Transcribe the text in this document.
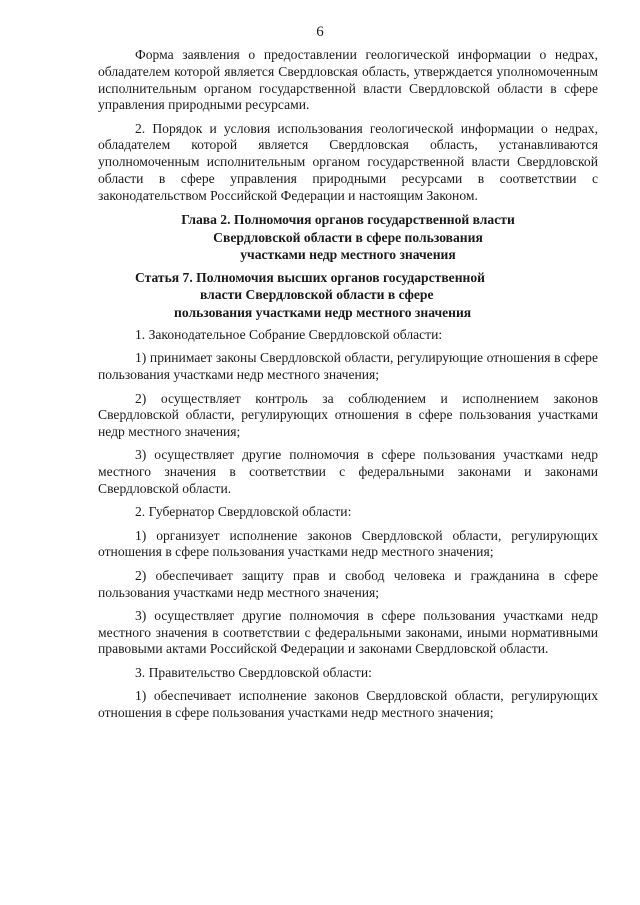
6

Форма заявления о предоставлении геологической информации о недрах, обладателем которой является Свердловская область, утверждается уполномоченным исполнительным органом государственной власти Свердловской области в сфере управления природными ресурсами.

2. Порядок и условия использования геологической информации о недрах, обладателем которой является Свердловская область, устанавливаются уполномоченным исполнительным органом государственной власти Свердловской области в сфере управления природными ресурсами в соответствии с законодательством Российской Федерации и настоящим Законом.

Глава 2. Полномочия органов государственной власти
Свердловской области в сфере пользования
участками недр местного значения
Статья 7. Полномочия высших органов государственной
власти Свердловской области в сфере
пользования участками недр местного значения

1. Законодательное Собрание Свердловской области:

1) принимает законы Свердловской области, регулирующие отношения в сфере пользования участками недр местного значения;

2) осуществляет контроль за соблюдением и исполнением законов Свердловской области, регулирующих отношения в сфере пользования участками недр местного значения;

3) осуществляет другие полномочия в сфере пользования участками недр местного значения в соответствии с федеральными законами и законами Свердловской области.

2. Губернатор Свердловской области:

1) организует исполнение законов Свердловской области, регулирующих отношения в сфере пользования участками недр местного значения;

2) обеспечивает защиту прав и свобод человека и гражданина в сфере пользования участками недр местного значения;

3) осуществляет другие полномочия в сфере пользования участками недр местного значения в соответствии с федеральными законами, иными нормативными правовыми актами Российской Федерации и законами Свердловской области.

3. Правительство Свердловской области:

1) обеспечивает исполнение законов Свердловской области, регулирующих отношения в сфере пользования участками недр местного значения;
